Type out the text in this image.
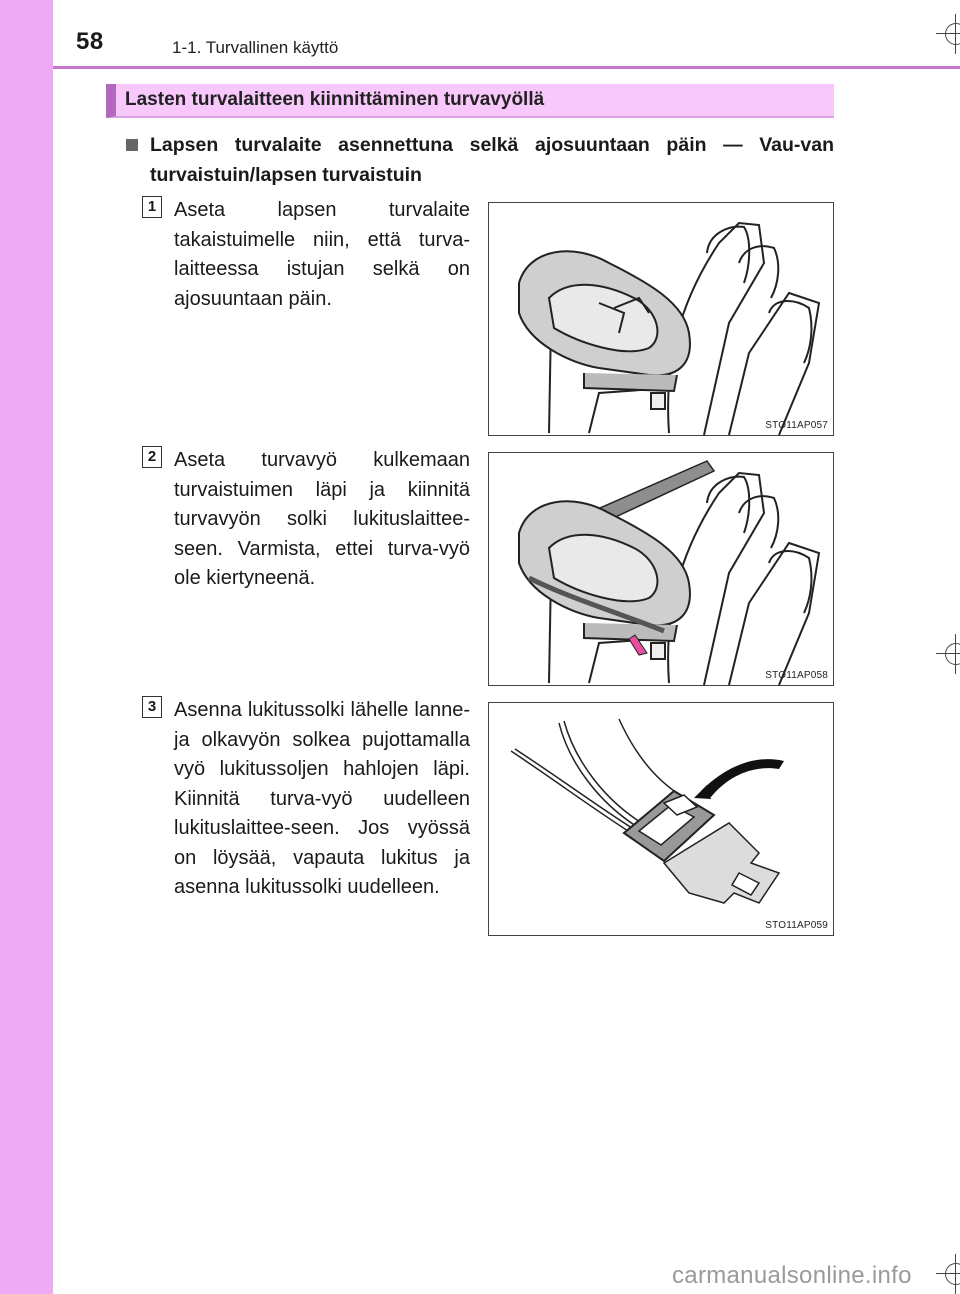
58	1-1. Turvallinen käyttö
Lasten turvalaitteen kiinnittäminen turvavyöllä
Lapsen turvalaite asennettuna selkä ajosuuntaan päin — Vau-van turvaistuin/lapsen turvaistuin
1 Aseta lapsen turvalaite takaistuimelle niin, että turva-laitteessa istujan selkä on ajosuuntaan päin.
STO11AP057
2 Aseta turvavyö kulkemaan turvaistuimen läpi ja kiinnitä turvavyön solki lukituslaittee-seen. Varmista, ettei turva-vyö ole kiertyneenä.
STO11AP058
3 Asenna lukitussolki lähelle lanne- ja olkavyön solkea pujottamalla vyö lukitussoljen hahlojen läpi. Kiinnitä turva-vyö uudelleen lukituslaittee-seen. Jos vyössä on löysää, vapauta lukitus ja asenna lukitussolki uudelleen.
STO11AP059
carmanualsonline.info
